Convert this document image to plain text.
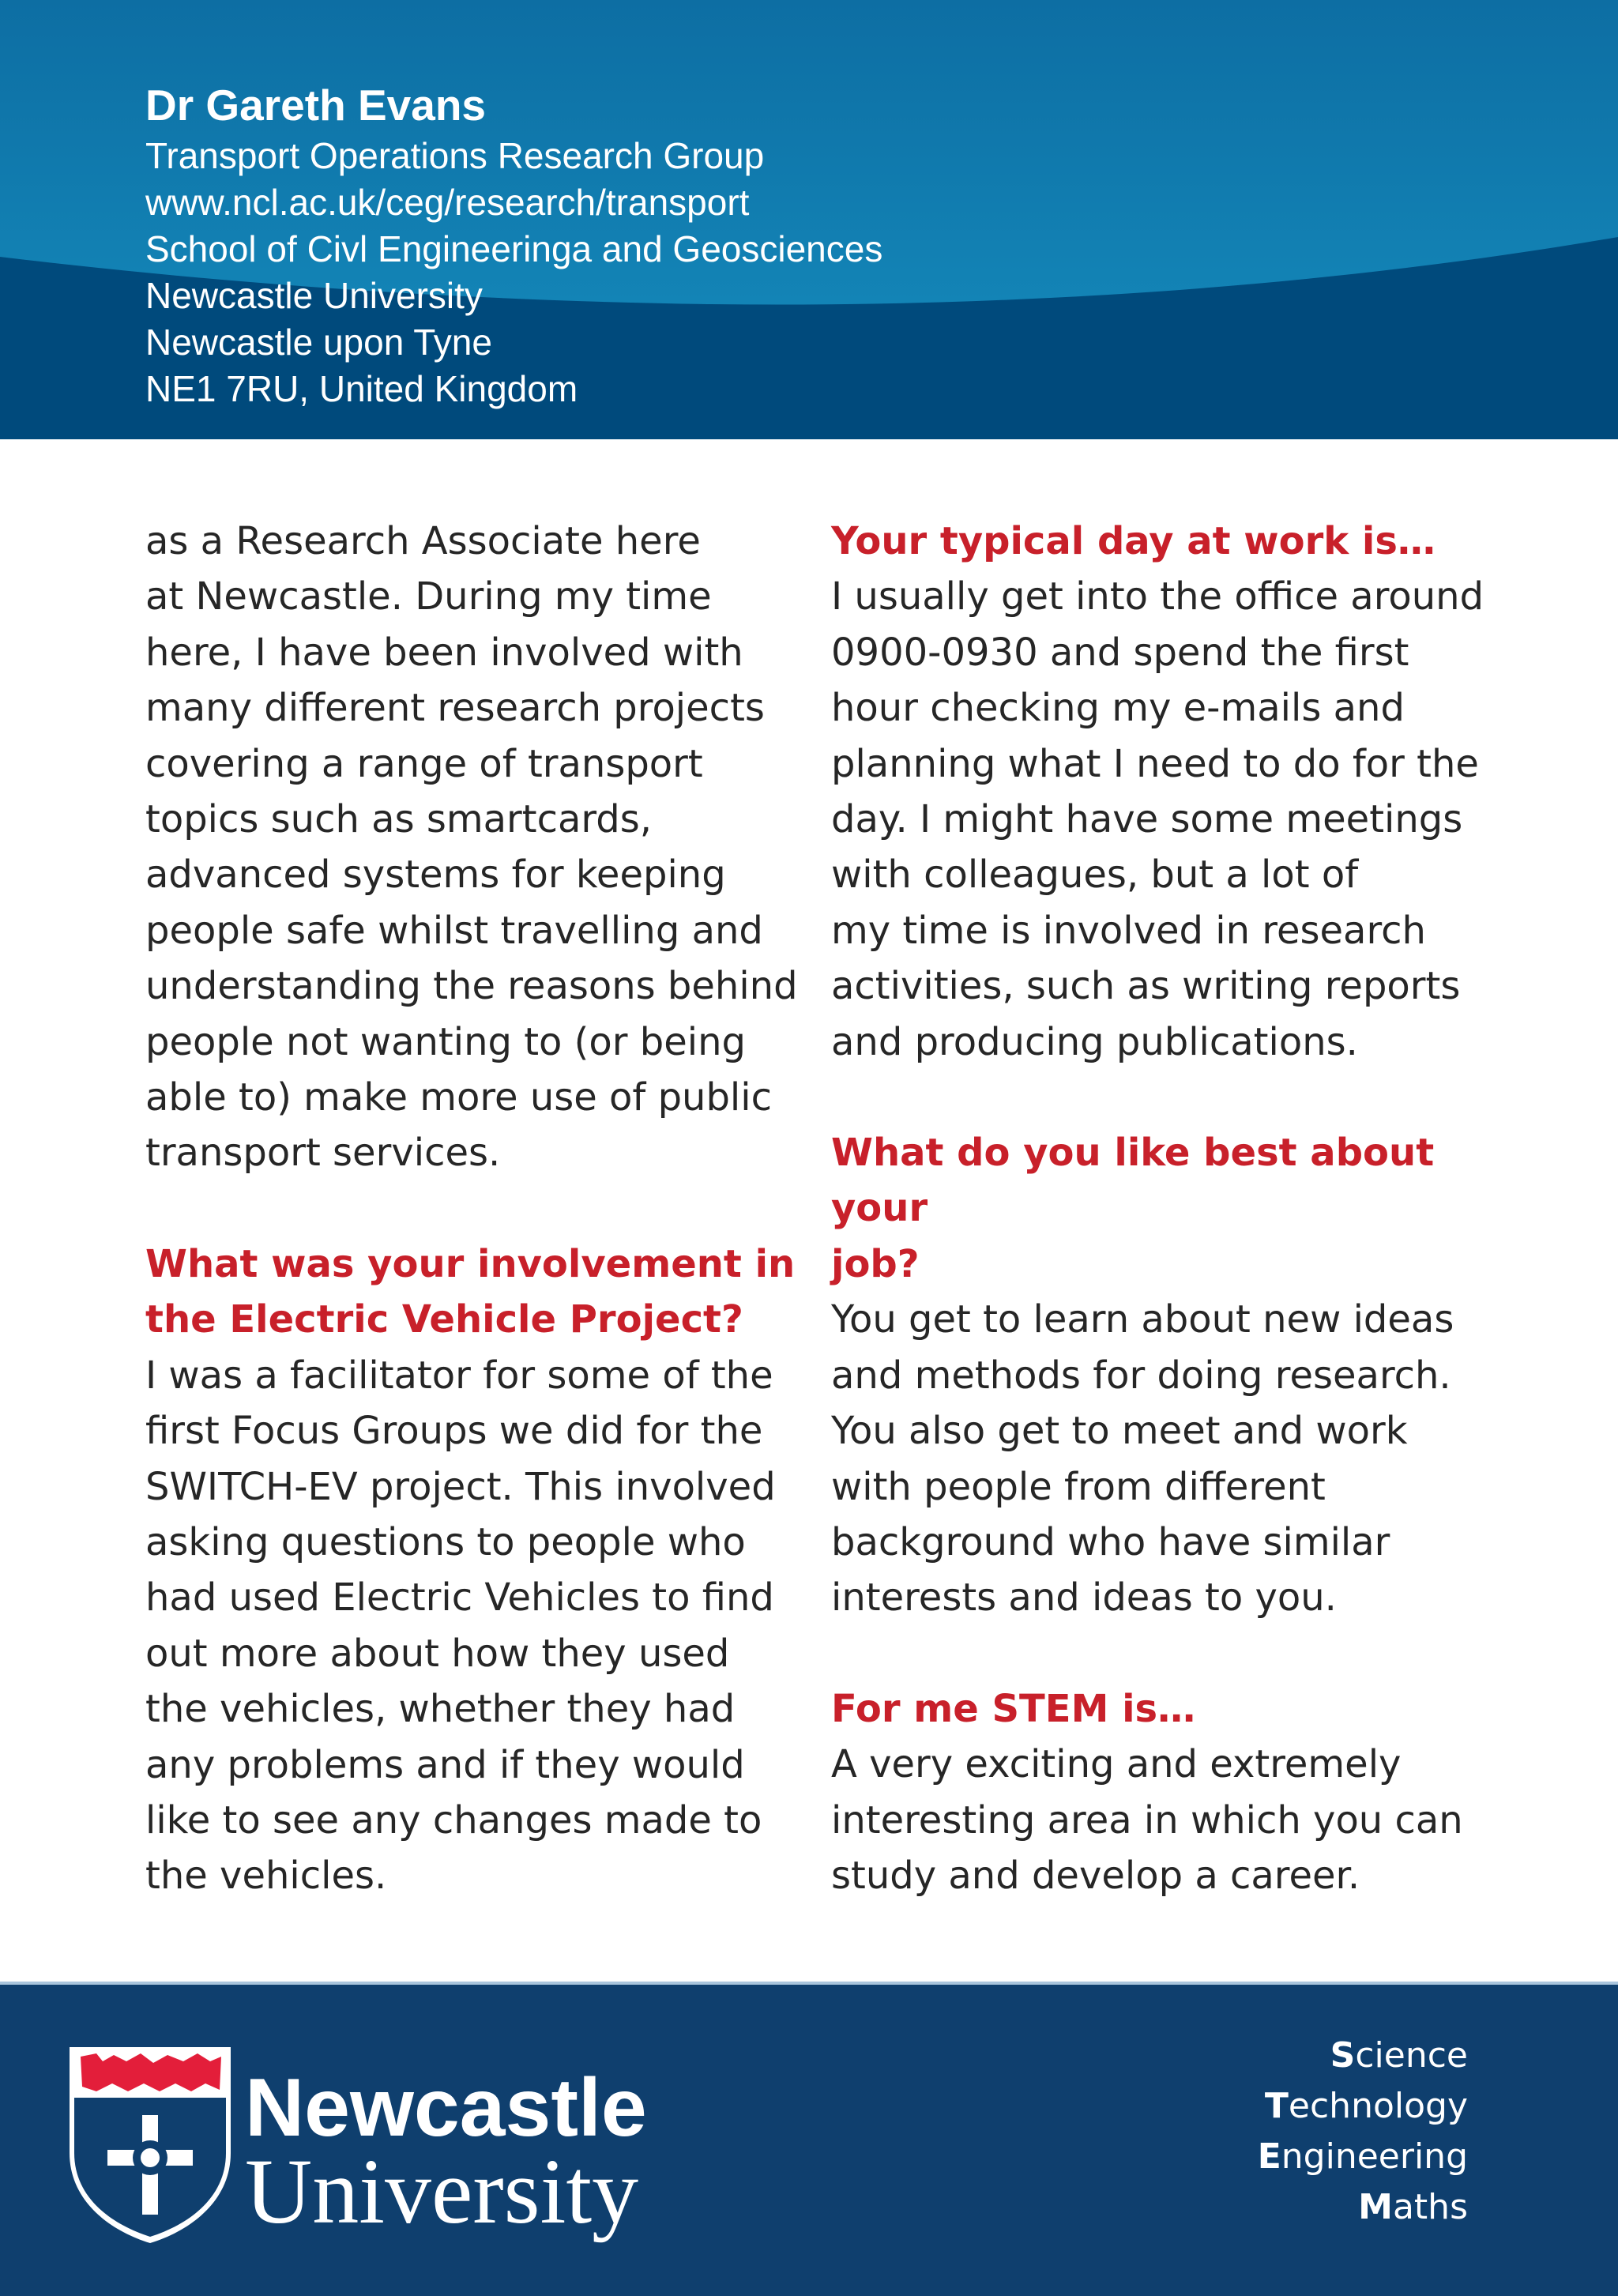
Dr Gareth Evans
Transport Operations Research Group
www.ncl.ac.uk/ceg/research/transport
School of Civl Engineeringa and Geosciences
Newcastle University
Newcastle upon Tyne
NE1 7RU, United Kingdom

as a Research Associate here
at Newcastle. During my time
here, I have been involved with
many different research projects
covering a range of transport
topics such as smartcards,
advanced systems for keeping
people safe whilst travelling and
understanding the reasons behind
people not wanting to (or being
able to) make more use of public
transport services.

What was your involvement in
the Electric Vehicle Project?

I was a facilitator for some of the
first Focus Groups we did for the
SWITCH-EV project. This involved
asking questions to people who
had used Electric Vehicles to find
out more about how they used
the vehicles, whether they had
any problems and if they would
like to see any changes made to
the vehicles.

Your typical day at work is…

I usually get into the office around
0900-0930 and spend the first
hour checking my e-mails and
planning what I need to do for the
day. I might have some meetings
with colleagues, but a lot of
my time is involved in research
activities, such as writing reports
and producing publications.

What do you like best about your
job?

You get to learn about new ideas
and methods for doing research.
You also get to meet and work
with people from different
background who have similar
interests and ideas to you.

For me STEM is…

A very exciting and extremely
interesting area in which you can
study and develop a career.

Newcastle
University
Science
Technology
Engineering
Maths
